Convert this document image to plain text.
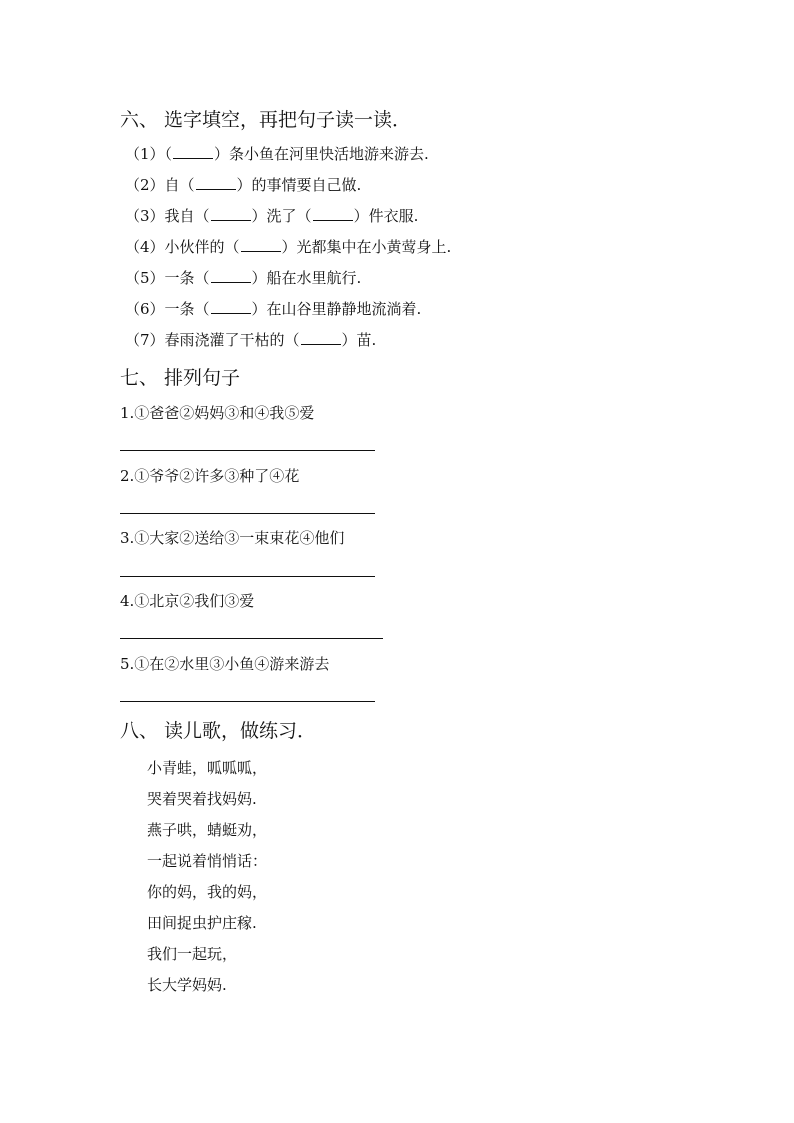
六、 选字填空，再把句子读一读．
（1）（	）条小鱼在河里快活地游来游去.
（2）自（	）的事情要自己做.
（3）我自（	）洗了（	）件衣服.
（4）小伙伴的（	）光都集中在小黄莺身上.
（5）一条（	）船在水里航行.
（6）一条（	）在山谷里静静地流淌着.
（7）春雨浇灌了干枯的（	）苗.
七、 排列句子
1.①爸爸②妈妈③和④我⑤爱
2.①爷爷②许多③种了④花
3.①大家②送给③一束束花④他们
4.①北京②我们③爱
5.①在②水里③小鱼④游来游去
八、 读儿歌，做练习．
小青蛙，呱呱呱，
哭着哭着找妈妈.
燕子哄，蜻蜓劝，
一起说着悄悄话：
你的妈，我的妈，
田间捉虫护庄稼.
我们一起玩，
长大学妈妈.
